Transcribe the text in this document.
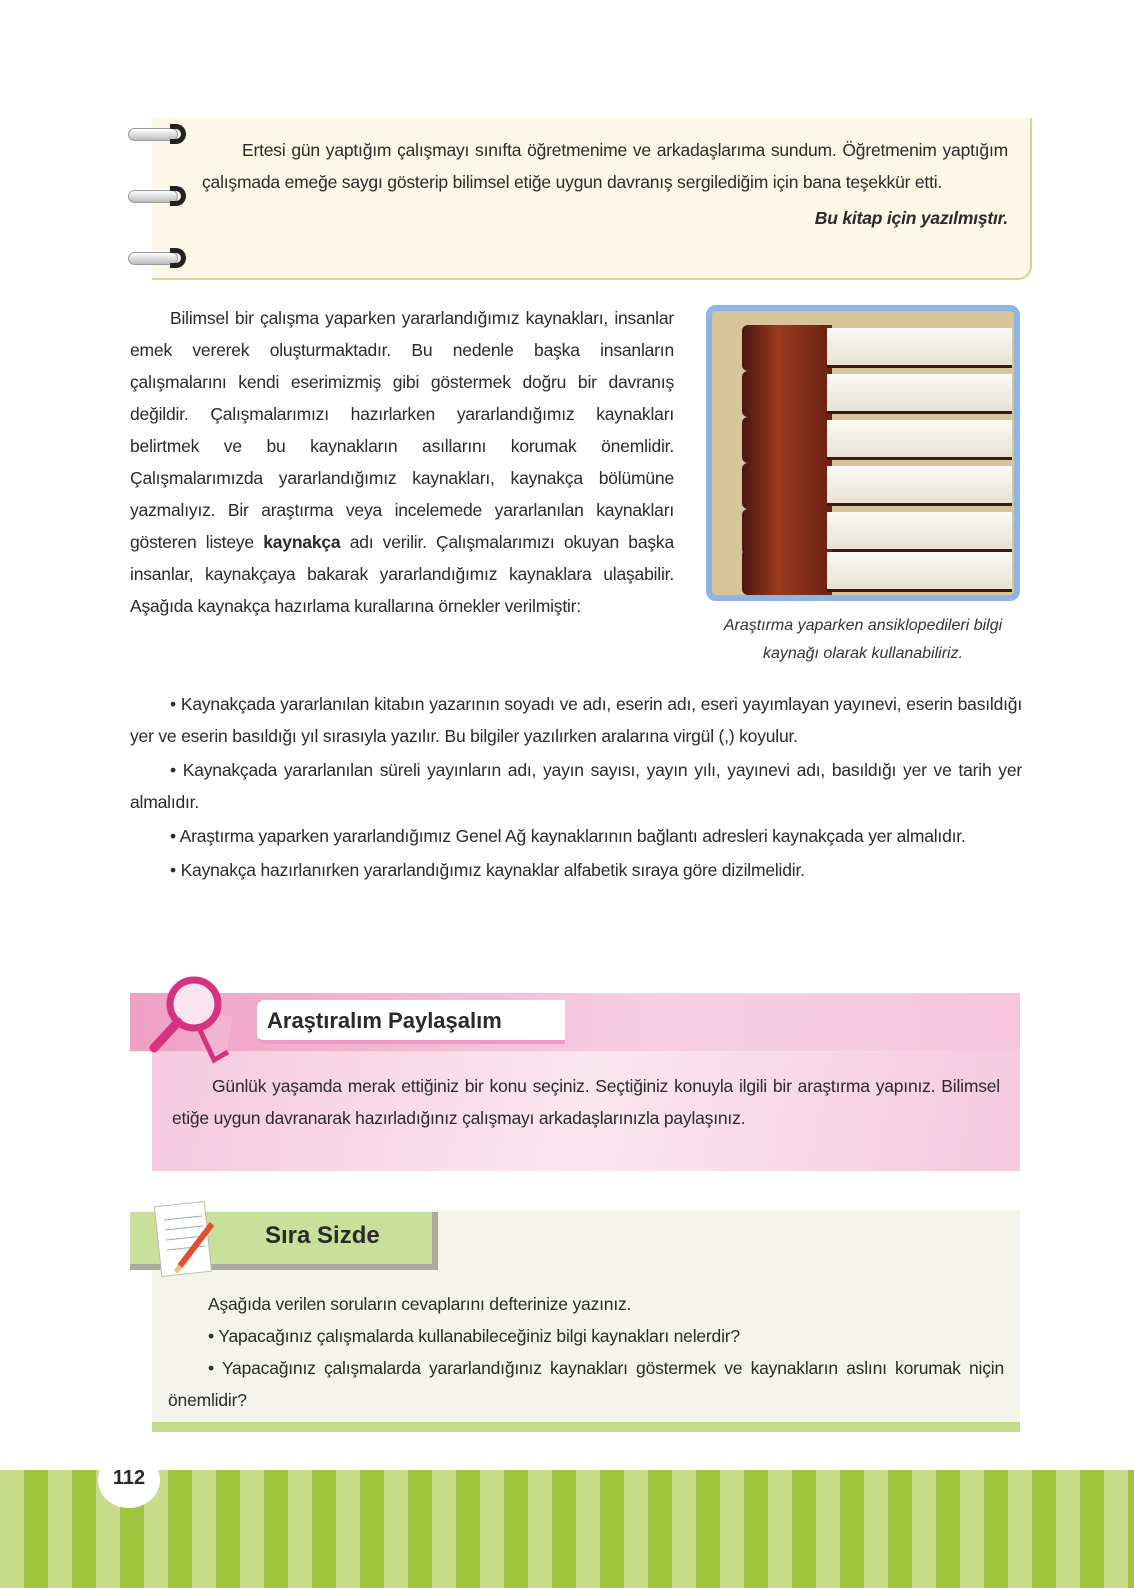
Ertesi gün yaptığım çalışmayı sınıfta öğretmenime ve arkadaşlarıma sundum. Öğretmenim yaptığım çalışmada emeğe saygı gösterip bilimsel etiğe uygun davranış sergilediğim için bana teşekkür etti.

Bu kitap için yazılmıştır.

Bilimsel bir çalışma yaparken yararlandığımız kaynakları, insanlar emek vererek oluşturmaktadır. Bu nedenle başka insanların çalışmalarını kendi eserimizmiş gibi göstermek doğru bir davranış değildir. Çalışmalarımızı hazırlarken yararlandığımız kaynakları belirtmek ve bu kaynakların asıllarını korumak önemlidir. Çalışmalarımızda yararlandığımız kaynakları, kaynakça bölümüne yazmalıyız. Bir araştırma veya incelemede yararlanılan kaynakları gösteren listeye kaynakça adı verilir. Çalışmalarımızı okuyan başka insanlar, kaynakçaya bakarak yararlandığımız kaynaklara ulaşabilir. Aşağıda kaynakça hazırlama kurallarına örnekler verilmiştir:
Araştırma yaparken ansiklopedileri bilgi kaynağı olarak kullanabiliriz.

• Kaynakçada yararlanılan kitabın yazarının soyadı ve adı, eserin adı, eseri yayımlayan yayınevi, eserin basıldığı yer ve eserin basıldığı yıl sırasıyla yazılır. Bu bilgiler yazılırken aralarına virgül (,) koyulur.

• Kaynakçada yararlanılan süreli yayınların adı, yayın sayısı, yayın yılı, yayınevi adı, basıldığı yer ve tarih yer almalıdır.

• Araştırma yaparken yararlandığımız Genel Ağ kaynaklarının bağlantı adresleri kaynakçada yer almalıdır.

• Kaynakça hazırlanırken yararlandığımız kaynaklar alfabetik sıraya göre dizilmelidir.

Araştıralım Paylaşalım

Günlük yaşamda merak ettiğiniz bir konu seçiniz. Seçtiğiniz konuyla ilgili bir araştırma yapınız. Bilimsel etiğe uygun davranarak hazırladığınız çalışmayı arkadaşlarınızla paylaşınız.

Sıra Sizde

Aşağıda verilen soruların cevaplarını defterinize yazınız.

• Yapacağınız çalışmalarda kullanabileceğiniz bilgi kaynakları nelerdir?

• Yapacağınız çalışmalarda yararlandığınız kaynakları göstermek ve kaynakların aslını korumak niçin önemlidir?

112
